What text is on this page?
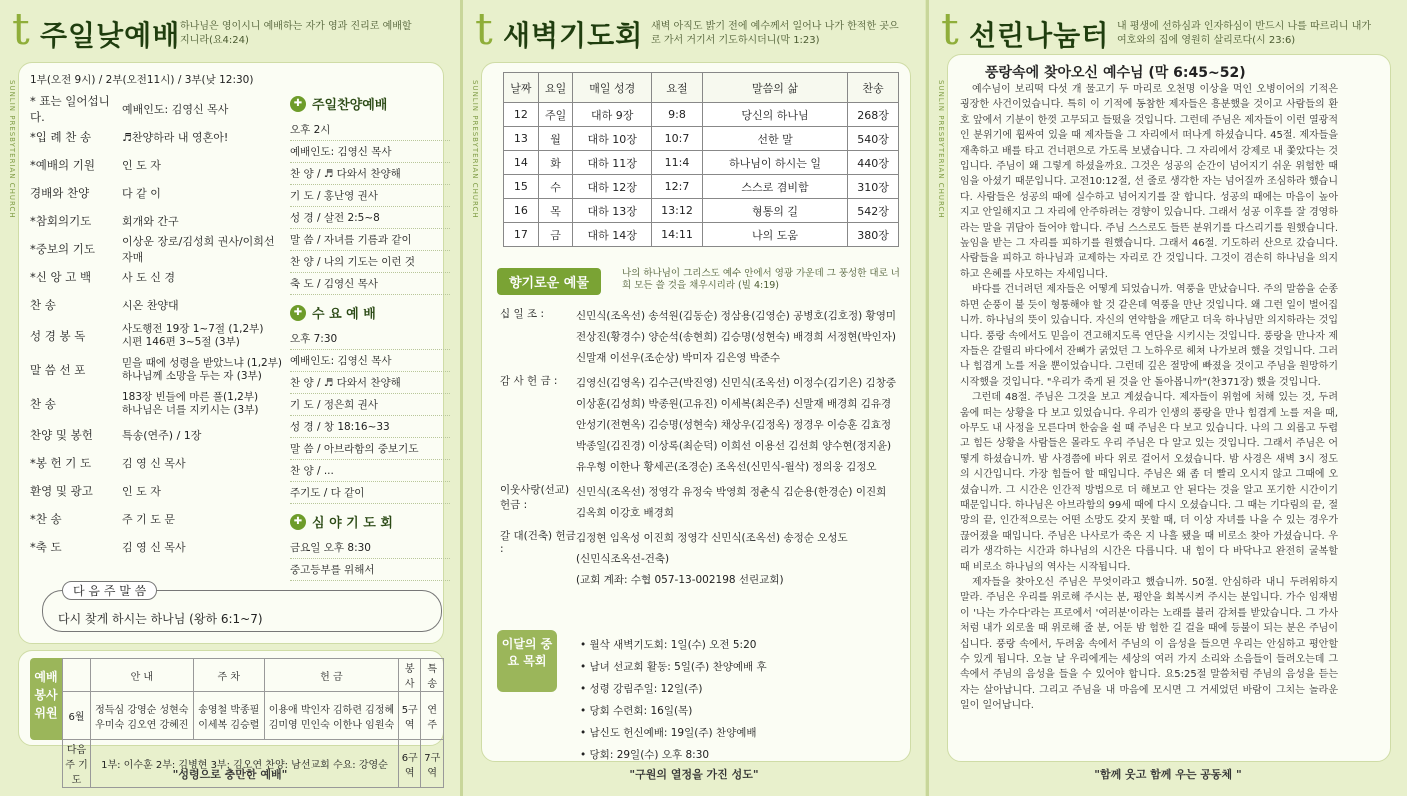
t 주일낮예배 하나님은 영이시니 예배하는 자가 영과 진리로 예배할지니라(요4:24)
SUNLIN PRESBYTERIAN CHURCH 1부(오전 9시) / 2부(오전11시) / 3부(낮 12:30)
* 표는 일어섭니다.
예배인도: 김영신 목사
*입 례 찬 송	♬찬양하라 내 영혼아!
*예배의 기원	인 도 자
경배와 찬양	다 같 이
*참회의기도	회개와 간구
*중보의 기도
이상운 장로/김성희 권사/이희선 자매
*신 앙 고 백	사 도 신 경
찬 송	시온 찬양대
성 경 봉 독	사도행전 19장 1~7절 (1,2부)
시편 146편 3~5절 (3부)
말 씀 선 포	믿을 때에 성령을 받았느냐 (1,2부)
하나님께 소망을 두는 자 (3부)
찬 송	183장 빈들에 마른 풀(1,2부)
하나님은 너를 지키시는 (3부)
찬양 및 봉헌	특송(연주) / 1장
*봉 헌 기 도	김 영 신 목사
환영 및 광고	인 도 자
*찬 송	주 기 도 문
*축 도	김 영 신 목사
✚ 주일찬양예배
오후 2시
예배인도: 김영신 목사
찬 양 / ♬ 다와서 찬양해
기 도 / 홍난영 권사
성 경 / 살전 2:5~8
말 씀 / 자녀를 기름과 같이
찬 양 / 나의 기도는 이런 것
축 도 / 김영신 목사
✚ 수 요 예 배
오후 7:30
예배인도: 김영신 목사
찬 양 / ♬ 다와서 찬양해
기 도 / 정은희 권사
성 경 / 창 18:16~33
말 씀 / 아브라함의 중보기도
찬 양 / ...
주기도 / 다 같이
✚ 심 야 기 도 회
금요일 오후 8:30
중고등부를 위해서
다 음 주 말 씀
다시 찾게 하시는 하나님 (왕하 6:1~7)
예배봉사위원
	안 내	주 차	헌 금	봉사	특송
6월	정득심 강영순 성현숙 우미숙 김오연 강혜진	송영철 박종필 이세복 김승렬	이용애 박인자 김하련 김정혜 김미영 민인숙 이한나 임원숙	5구역	연 주
다음주 기 도	1부: 이수훈 2부: 김병현 3부: 김오연 찬양: 남선교회 수요: 강영순			6구역	7구역
"성령으로 충만한 예배"
t 새벽기도회 새벽 아직도 밝기 전에 예수께서 일어나 나가 한적한 곳으로 가서 거기서 기도하시더니(막 1:23)
SUNLIN PRESBYTERIAN CHURCH
"구원의 열정을 가진 성도"
날짜	요일	매일 성경	요절	말씀의 삶	찬송
12	주일	대하 9장	9:8	당신의 하나님	268장
13	월	대하 10장	10:7	선한 말	540장
14	화	대하 11장	11:4	하나님이 하시는 일	440장
15	수	대하 12장	12:7	스스로 겸비함	310장
16	목	대하 13장	13:12	형통의 길	542장
17	금	대하 14장	14:11	나의 도움	380장
향기로운 예물
나의 하나님이 그리스도 예수 안에서 영광 가운데 그 풍성한 대로 너희 모든 쓸 것을 채우시리라 (빌 4:19)
십 일 조 :	신민식(조옥선) 송석원(김동순) 정삼용(김영순) 공병호(김호정) 황영미
전상진(황경수) 양순석(송현희) 김승명(성현숙) 배경희 서정현(박인자)
신말재 이선우(조순상) 박미자 김은영 박준수
감 사 헌 금 :	김영신(김영옥) 김수근(박진영) 신민식(조옥선) 이정수(김기은) 김창중
이상훈(김성희) 박종원(고유진) 이세복(최은주) 신말재 배경희 김유경
안성기(전현옥) 김승명(성현숙) 채상우(김정옥) 정경우 이승훈 김효정
박종일(김진경) 이상록(최순덕) 이희선 이용선 김선희 양수현(정지윤)
유우형 이한나 황세곤(조경순) 조옥선(신민식-월삭) 정의웅 김정오
이웃사랑(선교) 헌금 :
신민식(조옥선) 정영각 유정숙 박영희 정춘식 김순용(한경순) 이진희
김옥희 이강호 배경희
갈 대(건축) 헌금 :
김정현 임옥성 이진희 정영각 신민식(조옥선) 송정순 오성도
(신민식조옥선-건축)
(교회 계좌: 수협 057-13-002198 선린교회)
이달의 중요 목회
• 월삭 새벽기도회: 1일(수) 오전 5:20
• 남녀 선교회 활동: 5일(주) 찬양예배 후
• 성령 강림주일: 12일(주)
• 당회 수련회: 16일(목)
• 남신도 헌신예배: 19일(주) 찬양예배
• 당회: 29일(수) 오후 8:30
t 선린나눔터 내 평생에 선하심과 인자하심이 반드시 나를 따르리니 내가 여호와의 집에 영원히 살리로다(시 23:6)
SUNLIN PRESBYTERIAN CHURCH
"함께 웃고 함께 우는 공동체 "
풍랑속에 찾아오신 예수님 (막 6:45~52)

예수님이 보리떡 다섯 개 물고기 두 마리로 오천명 이상을 먹인 오병이어의 기적은 굉장한 사건이었습니다. 특히 이 기적에 동참한 제자들은 흥분했을 것이고 사람들의 환호 앞에서 기분이 한껏 고무되고 들떴을 것입니다. 그런데 주님은 제자들이 이런 열광적인 분위기에 휩싸여 있을 때 제자들을 그 자리에서 떠나게 하셨습니다. 45절. 제자들을 재촉하고 배를 타고 건너편으로 가도록 보냈습니다. 그 자리에서 강제로 내 쫓았다는 것입니다. 주님이 왜 그렇게 하셨을까요. 그것은 성공의 순간이 넘어지기 쉬운 위험한 때임을 아셨기 때문입니다. 고전10:12절, 선 줄로 생각한 자는 넘어질까 조심하라 했습니다. 사람들은 성공의 때에 실수하고 넘어지기를 잘 합니다. 성공의 때에는 마음이 높아지고 안일해지고 그 자리에 안주하려는 경향이 있습니다. 그래서 성공 이후를 잘 경영하라는 말을 귀담아 들어야 합니다. 주님 스스로도 들뜬 분위기를 다스리기를 원했습니다. 높임을 받는 그 자리를 피하기를 원했습니다. 그래서 46절. 기도하러 산으로 갔습니다. 사람들을 피하고 하나님과 교제하는 자리로 간 것입니다. 그것이 겸손히 하나님을 의지하고 은혜를 사모하는 자세입니다.

바다를 건너려던 제자들은 어떻게 되었습니까. 역풍을 만났습니다. 주의 말씀을 순종하면 순풍이 불 듯이 형통해야 할 것 같은데 역풍을 만난 것입니다. 왜 그런 일이 벌어집니까. 하나님의 뜻이 있습니다. 자신의 연약함을 깨닫고 더욱 하나님만 의지하라는 것입니다. 풍랑 속에서도 믿음이 견고해지도록 연단을 시키시는 것입니다. 풍랑을 만나자 제자들은 갈릴리 바다에서 잔뼈가 굵었던 그 노하우로 헤쳐 나가보려 했을 것입니다. 그러나 힘겹게 노를 저을 뿐이었습니다. 그런데 깊은 절망에 빠졌을 것이고 주님을 원망하기 시작했을 것입니다. "우리가 죽게 된 것을 안 돌아봅니까"(찬371장) 했을 것입니다.

그런데 48절. 주님은 그것을 보고 계셨습니다. 제자들이 위험에 처해 있는 것, 두려움에 떠는 상황을 다 보고 있었습니다. 우리가 인생의 풍랑을 만나 힘겹게 노를 저을 때, 아무도 내 사정을 모른다며 한숨을 쉴 때 주님은 다 보고 있습니다. 나의 그 외롭고 두렵고 힘든 상황을 사람들은 몰라도 우리 주님은 다 알고 있는 것입니다. 그래서 주님은 어떻게 하셨습니까. 밤 사경쯤에 바다 위로 걸어서 오셨습니다. 밤 사경은 새벽 3시 정도의 시간입니다. 가장 힘들어 할 때입니다. 주님은 왜 좀 더 빨리 오시지 않고 그때에 오셨습니까. 그 시간은 인간적 방법으로 더 해보고 안 된다는 것을 알고 포기한 시간이기 때문입니다. 하나님은 아브라함의 99세 때에 다시 오셨습니다. 그 때는 기다림의 끝, 절망의 끝, 인간적으로는 어떤 소망도 갖지 못할 때, 더 이상 자녀를 나을 수 있는 경우가 끊어졌을 때입니다. 주님은 나사로가 죽은 지 나흘 됐을 때 비로소 찾아 가셨습니다. 우리가 생각하는 시간과 하나님의 시간은 다릅니다. 내 힘이 다 바닥나고 완전히 굴복할 때 비로소 하나님의 역사는 시작됩니다.

제자들을 찾아오신 주님은 무엇이라고 했습니까. 50절. 안심하라 내니 두려워하지 말라. 주님은 우리를 위로해 주시는 분, 평안을 회복시켜 주시는 분입니다. 가수 임재범이 '나는 가수다'라는 프로에서 '여러분'이라는 노래를 불러 감쳐를 받았습니다. 그 가사처럼 내가 외로울 때 위로해 줄 분, 어둔 밤 험한 길 걸을 때에 등불이 되는 분은 주님이십니다. 풍랑 속에서, 두려움 속에서 주님의 이 음성을 들으면 우리는 안심하고 평안할 수 있게 됩니다. 오늘 날 우리에게는 세상의 여러 가지 소리와 소음들이 들려오는데 그 속에서 주님의 음성을 들을 수 있어야 합니다. 요5:25절 말씀처럼 주님의 음성을 듣는 자는 살아납니다. 그리고 주님을 내 마음에 모시면 그 거세었던 바람이 그치는 놀라운 일이 일어납니다.
